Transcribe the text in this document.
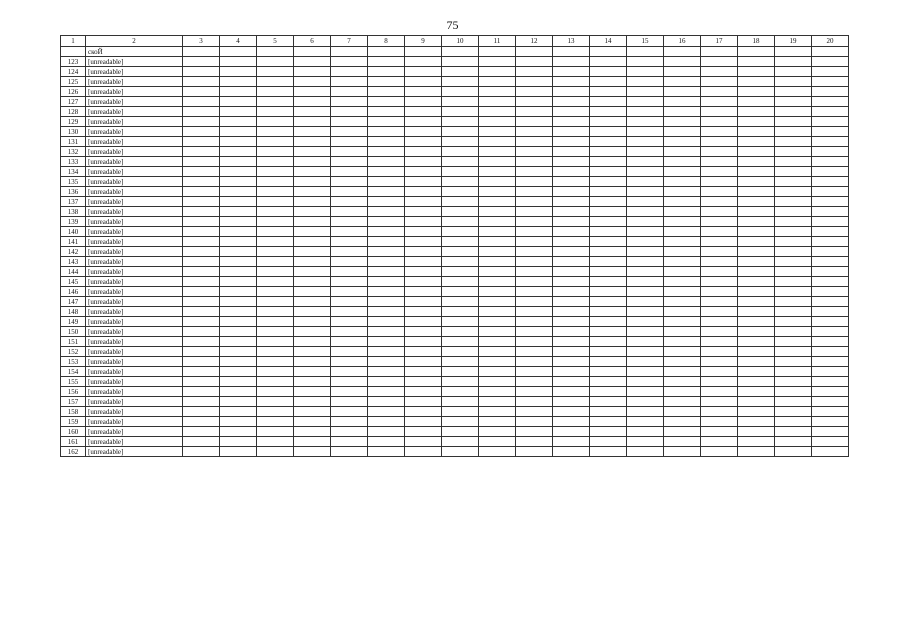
75
1	2	3	4	5	6	7	8	9	10	11	12	13	14	15	16	17	18	19	20
	скоЙ																		
123	[unreadable]																		
124	[unreadable]																		
125	[unreadable]																		
126	[unreadable]																		
127	[unreadable]																		
128	[unreadable]																		
129	[unreadable]																		
130	[unreadable]																		
131	[unreadable]																		
132	[unreadable]																		
133	[unreadable]																		
134	[unreadable]																		
135	[unreadable]																		
136	[unreadable]																		
137	[unreadable]																		
138	[unreadable]																		
139	[unreadable]																		
140	[unreadable]																		
141	[unreadable]																		
142	[unreadable]																		
143	[unreadable]																		
144	[unreadable]																		
145	[unreadable]																		
146	[unreadable]																		
147	[unreadable]																		
148	[unreadable]																		
149	[unreadable]																		
150	[unreadable]																		
151	[unreadable]																		
152	[unreadable]																		
153	[unreadable]																		
154	[unreadable]																		
155	[unreadable]																		
156	[unreadable]																		
157	[unreadable]																		
158	[unreadable]																		
159	[unreadable]																		
160	[unreadable]																		
161	[unreadable]																		
162	[unreadable]																		
